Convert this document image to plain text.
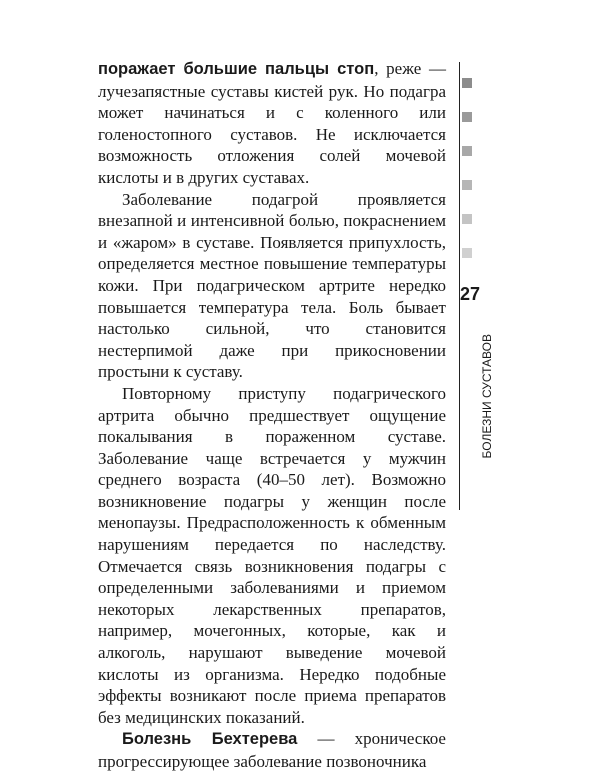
поражает большие пальцы стоп, реже — лучезапястные суставы кистей рук. Но подагра может начинаться и с коленного или голеностопного суставов. Не исключается возможность отложения солей мочевой кислоты и в других суставах.

Заболевание подагрой проявляется внезапной и интенсивной болью, покраснением и «жаром» в суставе. Появляется припухлость, определяется местное повышение температуры кожи. При подагрическом артрите нередко повышается температура тела. Боль бывает настолько сильной, что становится нестерпимой даже при прикосновении простыни к суставу.

Повторному приступу подагрического артрита обычно предшествует ощущение покалывания в пораженном суставе. Заболевание чаще встречается у мужчин среднего возраста (40–50 лет). Возможно возникновение подагры у женщин после менопаузы. Предрасположенность к обменным нарушениям передается по наследству. Отмечается связь возникновения подагры с определенными заболеваниями и приемом некоторых лекарственных препаратов, например, мочегонных, которые, как и алкоголь, нарушают выведение мочевой кислоты из организма. Нередко подобные эффекты возникают после приема препаратов без медицинских показаний.

Болезнь Бехтерева — хроническое прогрессирующее заболевание позвоночника

27
БОЛЕЗНИ СУСТАВОВ
